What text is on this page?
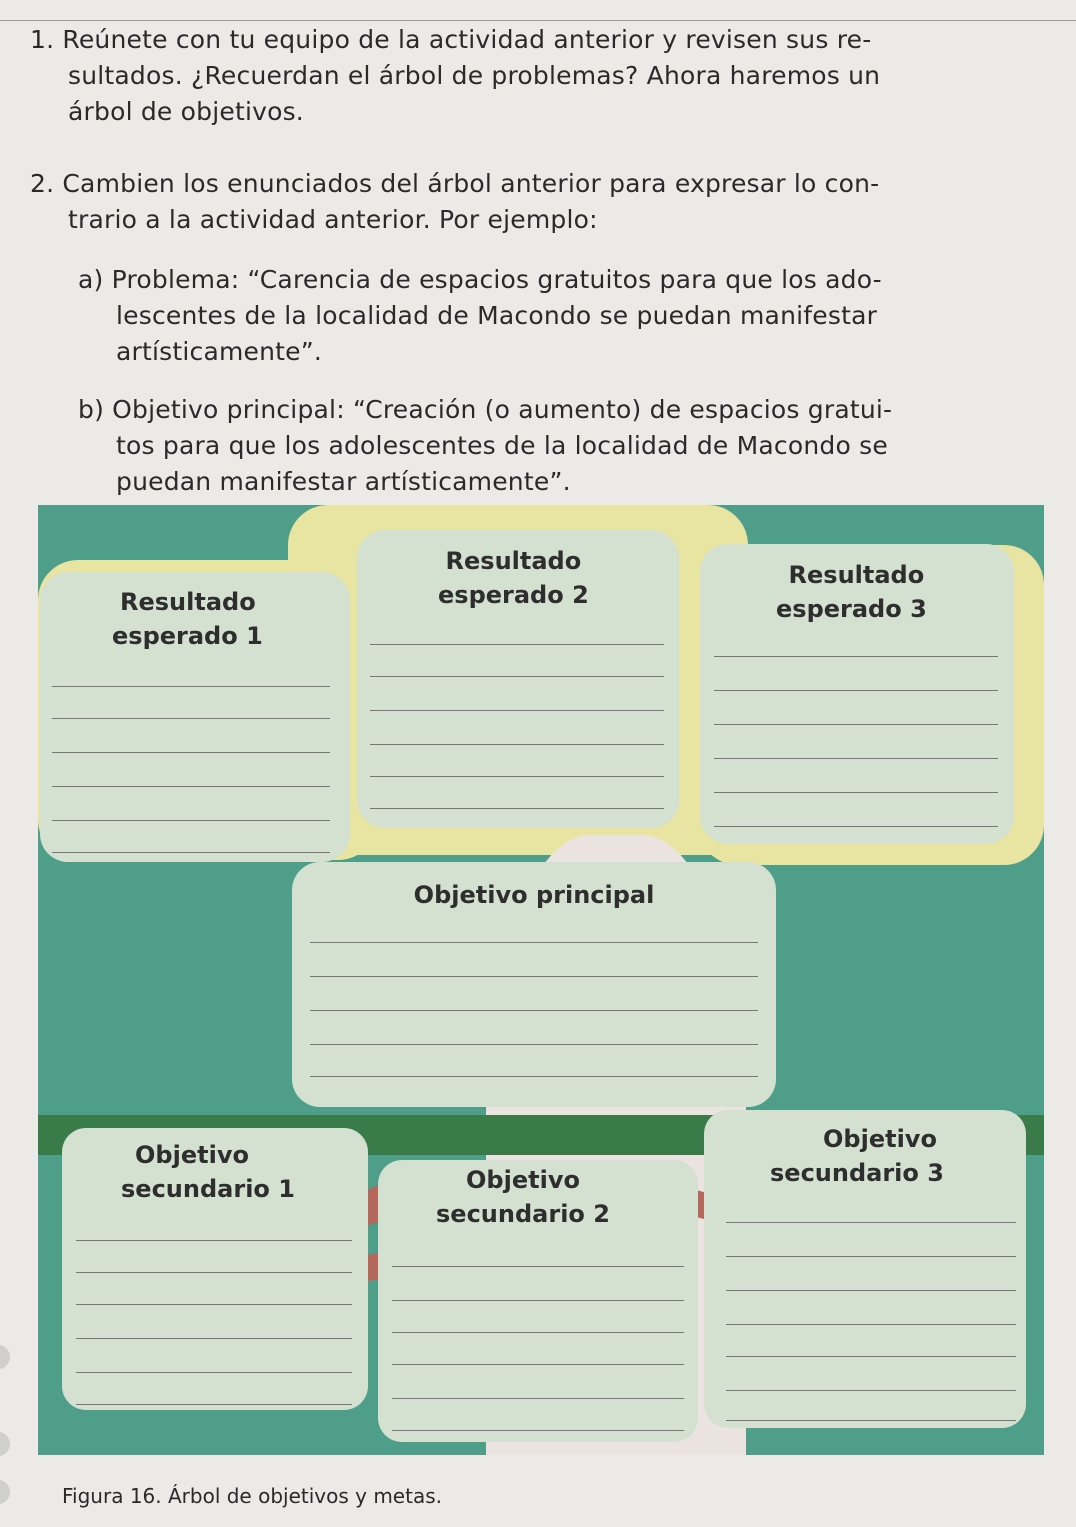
1. Reúnete con tu equipo de la actividad anterior y revisen sus re-
sultados. ¿Recuerdan el árbol de problemas? Ahora haremos un
árbol de objetivos.

2. Cambien los enunciados del árbol anterior para expresar lo con-
trario a la actividad anterior. Por ejemplo:

a) Problema: “Carencia de espacios gratuitos para que los ado-
lescentes de la localidad de Macondo se puedan manifestar
artísticamente”.

b) Objetivo principal: “Creación (o aumento) de espacios gratui-
tos para que los adolescentes de la localidad de Macondo se
puedan manifestar artísticamente”.

Resultado
esperado 1
Resultado
esperado 2
Resultado
esperado 3
Objetivo principal
Objetivo
secundario 1	Objetivo
secundario 2
Objetivo
secundario 3
Figura 16. Árbol de objetivos y metas.
